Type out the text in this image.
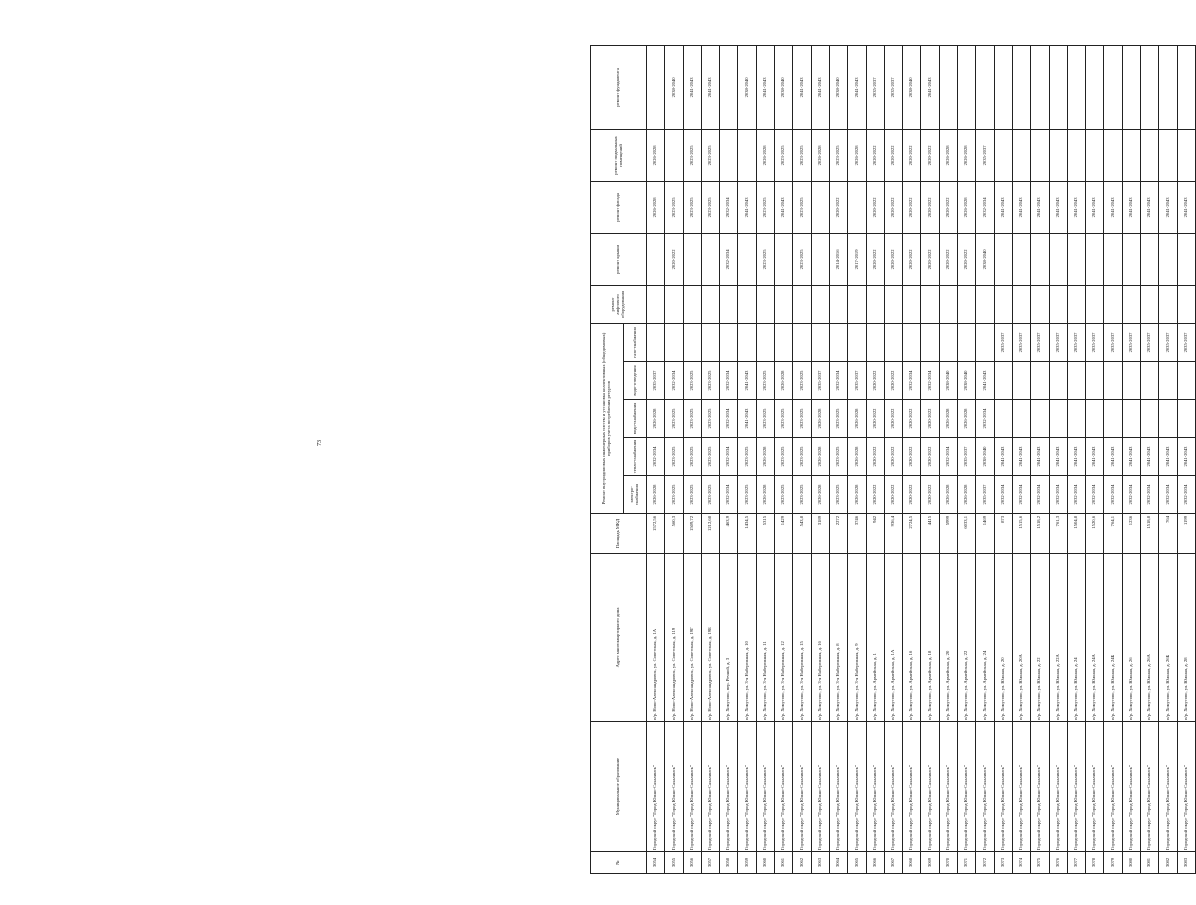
73
№	Муниципальное образование	Адрес многоквартирного дома	Площадь МКД	Ремонт внутридомовых инженерных систем и установка коллективных (общедомовых) приборов учета потребления ресурсов					ремонт лифтового оборудования	ремонт крыши	ремонт фасада	ремонт подвальных помещений	ремонт фундамента
				электро-снабжения	тепло-снабжения	водо-снабжения	водо-отведения	газо-снабжения					
3054	Городской округ "Город Южно-Сахалинск"	п/р. Ново-Александровск, ул. Советская, д. 1А	1572,56	2026-2028	2032-2034	2026-2028	2035-2037				2026-2028	2026-2028	
3055	Городской округ "Город Южно-Сахалинск"	п/р. Ново-Александровск, ул. Советская, д. 119	560,3	2023-2025	2023-2025	2023-2025	2032-2034			2020-2022	2023-2025		2038-2040
3056	Городской округ "Город Южно-Сахалинск"	п/р. Ново-Александровск, ул. Советская, д. 19Г	1509,72	2023-2025	2023-2025	2023-2025	2023-2025				2023-2025	2023-2025	2041-2043
3057	Городской округ "Город Южно-Сахалинск"	п/р. Ново-Александровск, ул. Советская, д. 19Е	1212,68	2023-2025	2023-2025	2023-2025	2023-2025				2023-2025	2023-2025	2041-2043
3058	Городской округ "Город Южно-Сахалинск"	п/р. Хомутово, пер. Речной, д. 3	463,9	2032-2034	2032-2034	2032-2034	2032-2034			2032-2034	2032-2034		
3059	Городской округ "Город Южно-Сахалинск"	п/р. Хомутово, ул. 3-я Набережная, д. 10	1434,5	2023-2025	2023-2025	2041-2043	2041-2043				2041-2043		2038-2040
3060	Городской округ "Город Южно-Сахалинск"	п/р. Хомутово, ул. 3-я Набережная, д. 11	5315	2026-2028	2026-2028	2023-2025	2023-2025			2023-2025	2023-2025	2026-2028	2041-2043
3061	Городской округ "Город Южно-Сахалинск"	п/р. Хомутово, ул. 3-я Набережная, д. 12	1429	2023-2025	2023-2025	2023-2025	2026-2028				2041-2043	2023-2025	2038-2040
3062	Городской округ "Город Южно-Сахалинск"	п/р. Хомутово, ул. 3-я Набережная, д. 15	543,8	2023-2025	2023-2025	2023-2025	2023-2025			2023-2025	2023-2025	2023-2025	2041-2043
3063	Городской округ "Город Южно-Сахалинск"	п/р. Хомутово, ул. 3-я Набережная, д. 16	3189	2026-2028	2026-2028	2026-2028	2035-2037					2026-2028	2041-2043
3064	Городской округ "Город Южно-Сахалинск"	п/р. Хомутово, ул. 3-я Набережная, д. 8	2272	2023-2025	2023-2025	2023-2025	2032-2034			2014-2016	2020-2022	2023-2025	2038-2040
3065	Городской округ "Город Южно-Сахалинск"	п/р. Хомутово, ул. 3-я Набережная, д. 9	3746	2026-2028	2026-2028	2026-2028	2035-2037			2017-2019		2026-2028	2041-2043
3066	Городской округ "Город Южно-Сахалинск"	п/р. Хомутово, ул. Армейская, д. 1	942	2020-2022	2020-2022	2020-2022	2020-2022			2020-2022	2020-2022	2020-2022	2035-2037
3067	Городской округ "Город Южно-Сахалинск"	п/р. Хомутово, ул. Армейская, д. 1А	936,4	2020-2022	2020-2022	2020-2022	2020-2022			2020-2022	2020-2022	2020-2022	2035-2037
3068	Городской округ "Город Южно-Сахалинск"	п/р. Хомутово, ул. Армейская, д. 16	2724,5	2020-2022	2020-2022	2020-2022	2032-2034			2020-2022	2020-2022	2020-2022	2038-2040
3069	Городской округ "Город Южно-Сахалинск"	п/р. Хомутово, ул. Армейская, д. 18	4415	2020-2022	2020-2022	2020-2022	2032-2034			2020-2022	2020-2022	2020-2022	2041-2043
3070	Городской округ "Город Южно-Сахалинск"	п/р. Хомутово, ул. Армейская, д. 20	5999	2026-2028	2032-2034	2026-2028	2038-2040			2020-2022	2020-2022	2026-2028	
3071	Городской округ "Город Южно-Сахалинск"	п/р. Хомутово, ул. Армейская, д. 22	6033,1	2026-2028	2035-2037	2026-2028	2038-2040			2020-2022	2026-2028	2026-2028	
3072	Городской округ "Город Южно-Сахалинск"	п/р. Хомутово, ул. Армейская, д. 24	1469	2035-2037	2038-2040	2032-2034	2041-2043			2038-2040	2032-2034	2035-2037	
3073	Городской округ "Город Южно-Сахалинск"	п/р. Хомутово, ул. Южная, д. 20	873	2032-2034	2041-2043			2035-2037			2041-2043		
3074	Городской округ "Город Южно-Сахалинск"	п/р. Хомутово, ул. Южная, д. 20А	1515,6	2032-2034	2041-2043			2035-2037			2041-2043		
3075	Городской округ "Город Южно-Сахалинск"	п/р. Хомутово, ул. Южная, д. 22	1518,2	2032-2034	2041-2043			2035-2037			2041-2043		
3076	Городской округ "Город Южно-Сахалинск"	п/р. Хомутово, ул. Южная, д. 22А	761,3	2032-2034	2041-2043			2035-2037			2041-2043		
3077	Городской округ "Город Южно-Сахалинск"	п/р. Хомутово, ул. Южная, д. 24	1504,8	2032-2034	2041-2043			2035-2037			2041-2043		
3078	Городской округ "Город Южно-Сахалинск"	п/р. Хомутово, ул. Южная, д. 24А	1520,6	2032-2034	2041-2043			2035-2037			2041-2043		
3079	Городской округ "Город Южно-Сахалинск"	п/р. Хомутово, ул. Южная, д. 24Б	764,1	2032-2034	2041-2043			2035-2037			2041-2043		
3080	Городской округ "Город Южно-Сахалинск"	п/р. Хомутово, ул. Южная, д. 26	1236	2032-2034	2041-2043			2035-2037			2041-2043		
3081	Городской округ "Город Южно-Сахалинск"	п/р. Хомутово, ул. Южная, д. 26А	1518,8	2032-2034	2041-2043			2035-2037			2041-2043		
3082	Городской округ "Город Южно-Сахалинск"	п/р. Хомутово, ул. Южная, д. 26Б	764	2032-2034	2041-2043			2035-2037			2041-2043		
3083	Городской округ "Город Южно-Сахалинск"	п/р. Хомутово, ул. Южная, д. 28	1199	2032-2034	2041-2043			2035-2037			2041-2043		
